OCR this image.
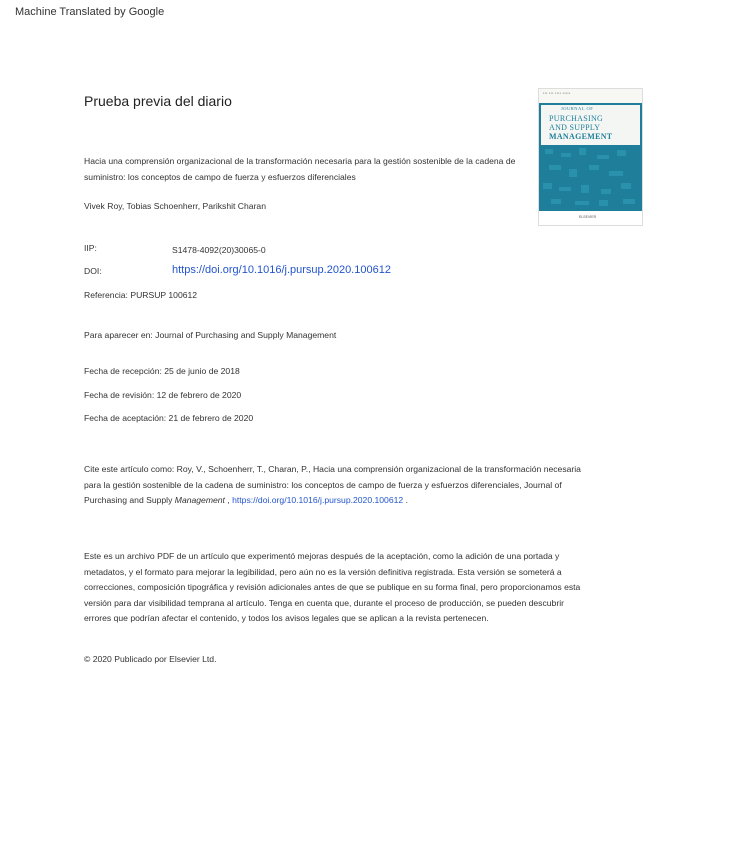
Machine Translated by Google
Prueba previa del diario	▪▪▪ ▪▪▪ ▪▪▪▪ ▪▪▪▪▪
JOURNAL OF
PURCHASING
AND SUPPLY
MANAGEMENT
ELSEVIER
Hacia una comprensión organizacional de la transformación necesaria para la gestión sostenible de la cadena de suministro: los conceptos de campo de fuerza y esfuerzos diferenciales
Vivek Roy, Tobias Schoenherr, Parikshit Charan
IIP:	S1478-4092(20)30065-0
DOI:	https://doi.org/10.1016/j.pursup.2020.100612
Referencia: PURSUP 100612
Para aparecer en: Journal of Purchasing and Supply Management
Fecha de recepción: 25 de junio de 2018
Fecha de revisión: 12 de febrero de 2020
Fecha de aceptación: 21 de febrero de 2020
Cite este artículo como: Roy, V., Schoenherr, T., Charan, P., Hacia una comprensión organizacional de la transformación necesaria
para la gestión sostenible de la cadena de suministro: los conceptos de campo de fuerza y esfuerzos diferenciales, Journal of
Purchasing and Supply Management , https://doi.org/10.1016/j.pursup.2020.100612 .
Este es un archivo PDF de un artículo que experimentó mejoras después de la aceptación, como la adición de una portada y
metadatos, y el formato para mejorar la legibilidad, pero aún no es la versión definitiva registrada. Esta versión se someterá a
correcciones, composición tipográfica y revisión adicionales antes de que se publique en su forma final, pero proporcionamos esta
versión para dar visibilidad temprana al artículo. Tenga en cuenta que, durante el proceso de producción, se pueden descubrir
errores que podrían afectar el contenido, y todos los avisos legales que se aplican a la revista pertenecen.
© 2020 Publicado por Elsevier Ltd.
